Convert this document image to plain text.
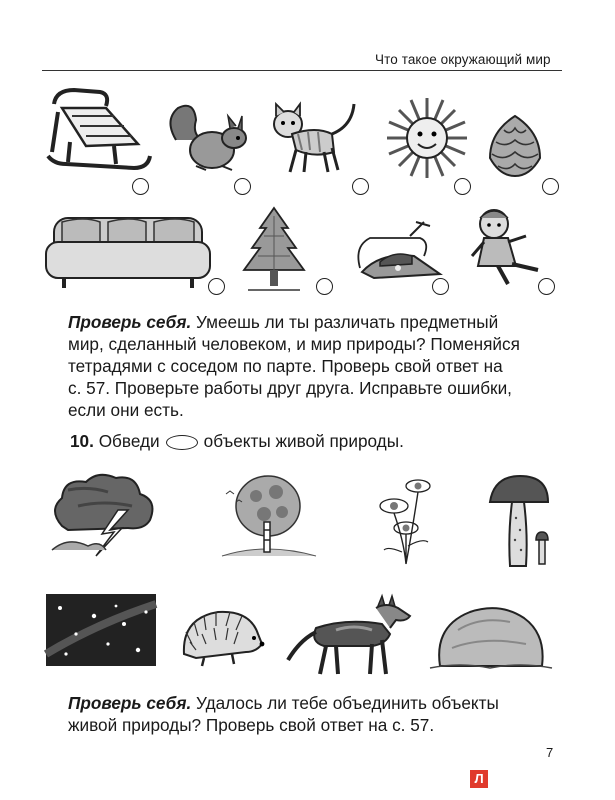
Что такое окружающий мир

Проверь себя. Умеешь ли ты различать предметный

мир, сделанный человеком, и мир природы? Поменяйся

тетрадями с соседом по парте. Проверь свой ответ на

с. 57. Проверьте работы друг друга. Исправьте ошибки,

если они есть.

10. Обведи	объекты живой природы.

Проверь себя. Удалось ли тебе объединить объекты

живой природы? Проверь свой ответ на с. 57.

7
Л
